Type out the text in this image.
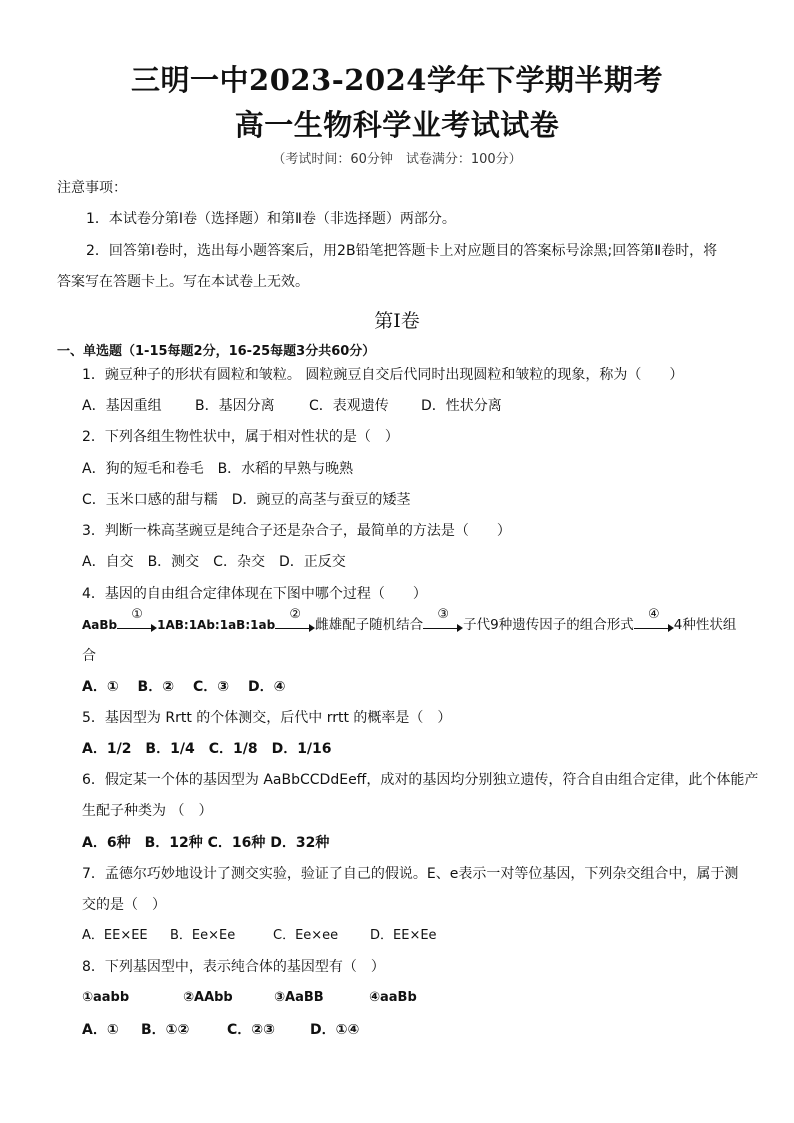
三明一中2023-2024学年下学期半期考
高一生物科学业考试试卷
（考试时间：60分钟　试卷满分：100分）
注意事项：
1．本试卷分第Ⅰ卷（选择题）和第Ⅱ卷（非选择题）两部分。
2．回答第Ⅰ卷时，选出每小题答案后，用2B铅笔把答题卡上对应题目的答案标号涂黑;回答第Ⅱ卷时，将
答案写在答题卡上。写在本试卷上无效。
第Ⅰ卷
一、单选题（1-15每题2分，16-25每题3分共60分）
1．豌豆种子的形状有圆粒和皱粒。 圆粒豌豆自交后代同时出现圆粒和皱粒的现象，称为（　　）
A．基因重组 B．基因分离 C．表观遗传 D．性状分离
2．下列各组生物性状中，属于相对性状的是（　）
A．狗的短毛和卷毛　B．水稻的早熟与晚熟
C．玉米口感的甜与糯　D．豌豆的高茎与蚕豆的矮茎
3．判断一株高茎豌豆是纯合子还是杂合子，最简单的方法是（　　）
A．自交　B．测交　C．杂交　D．正反交
4．基因的自由组合定律体现在下图中哪个过程（　　）
AaBb
①
1AB:1Ab:1aB:1ab
②
雌雄配子随机结合
③
子代9种遗传因子的组合形式
④
4种性状组
合
A．①　 B．②　 C．③　 D．④
5．基因型为 Rrtt 的个体测交，后代中 rrtt 的概率是（　）
A．1/2　B．1/4　C．1/8　D．1/16
6．假定某一个体的基因型为 AaBbCCDdEeff，成对的基因均分别独立遗传，符合自由组合定律，此个体能产
生配子种类为 （　）
A．6种　B．12种 C．16种 D．32种
7．孟德尔巧妙地设计了测交实验，验证了自己的假说。E、e表示一对等位基因，下列杂交组合中，属于测
交的是（　）
A．EE×EE B．Ee×Ee	C．Ee×ee D．EE×Ee
8．下列基因型中，表示纯合体的基因型有（　）
①aabb	②AAbb	③AaBB	④aaBb
A．① B．①②	C．②③	D．①④
